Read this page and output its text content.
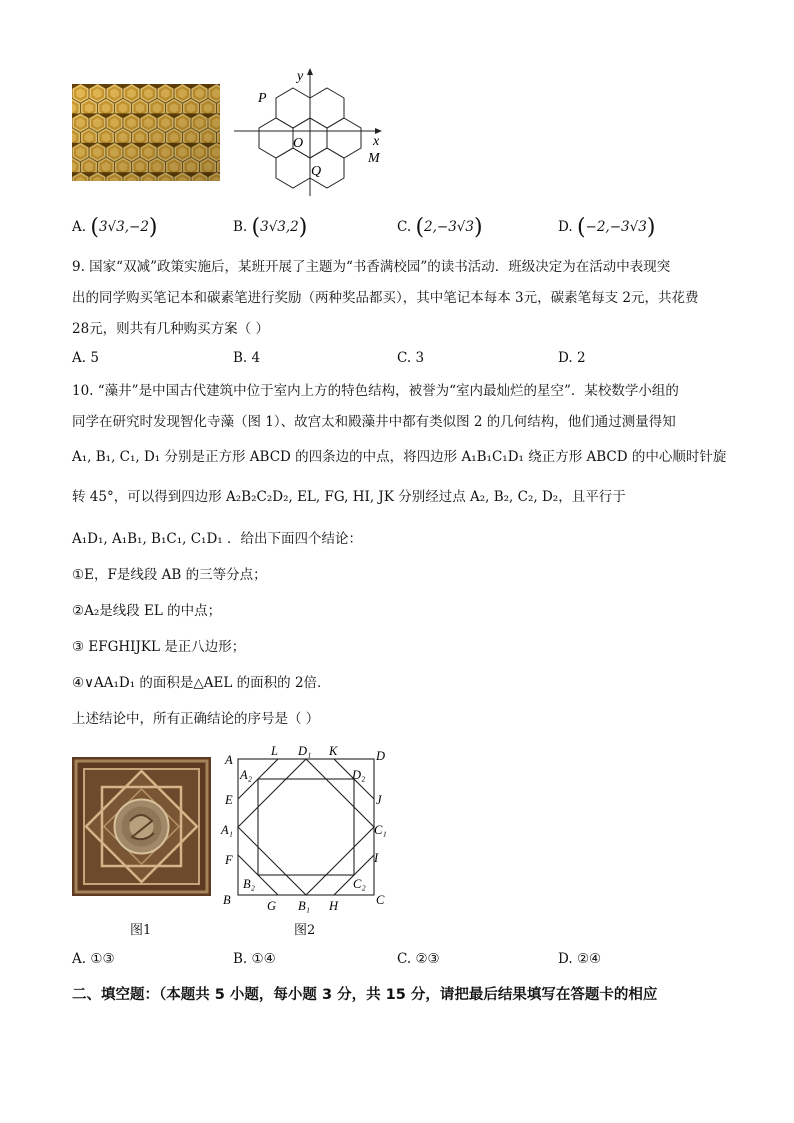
y
x
O
P
M
Q
A. (3√3,−2)	B. (3√3,2)	C. (2,−3√3)	D. (−2,−3√3)
9. 国家“双减”政策实施后，某班开展了主题为“书香满校园”的读书活动．班级决定为在活动中表现突
出的同学购买笔记本和碳素笔进行奖励（两种奖品都买），其中笔记本每本 3元，碳素笔每支 2元，共花费
28元，则共有几种购买方案（ ）
A. 5	B. 4	C. 3	D. 2
10. “藻井”是中国古代建筑中位于室内上方的特色结构，被誉为“室内最灿烂的星空”．某校数学小组的
同学在研究时发现智化寺藻（图 1）、故宫太和殿藻井中都有类似图 2 的几何结构，他们通过测量得知
A₁, B₁, C₁, D₁ 分别是正方形 ABCD 的四条边的中点，将四边形 A₁B₁C₁D₁ 绕正方形 ABCD 的中心顺时针旋
转 45°，可以得到四边形 A₂B₂C₂D₂, EL, FG, HI, JK 分别经过点 A₂, B₂, C₂, D₂，且平行于
A₁D₁, A₁B₁, B₁C₁, C₁D₁ ．给出下面四个结论：
①E，F是线段 AB 的三等分点；
②A₂是线段 EL 的中点；
③ EFGHIJKL 是正八边形；
④∨AA₁D₁ 的面积是△AEL 的面积的 2倍．
上述结论中，所有正确结论的序号是（ ）
A
L D₁ K	D
A₂	D₂
E	J
A₁	C₁
F	I
B₂	C₂
B	G B₁ H	C
图1	图2
A. ①③	B. ①④	C. ②③	D. ②④
二、填空题：（本题共 5 小题，每小题 3 分，共 15 分，请把最后结果填写在答题卡的相应
